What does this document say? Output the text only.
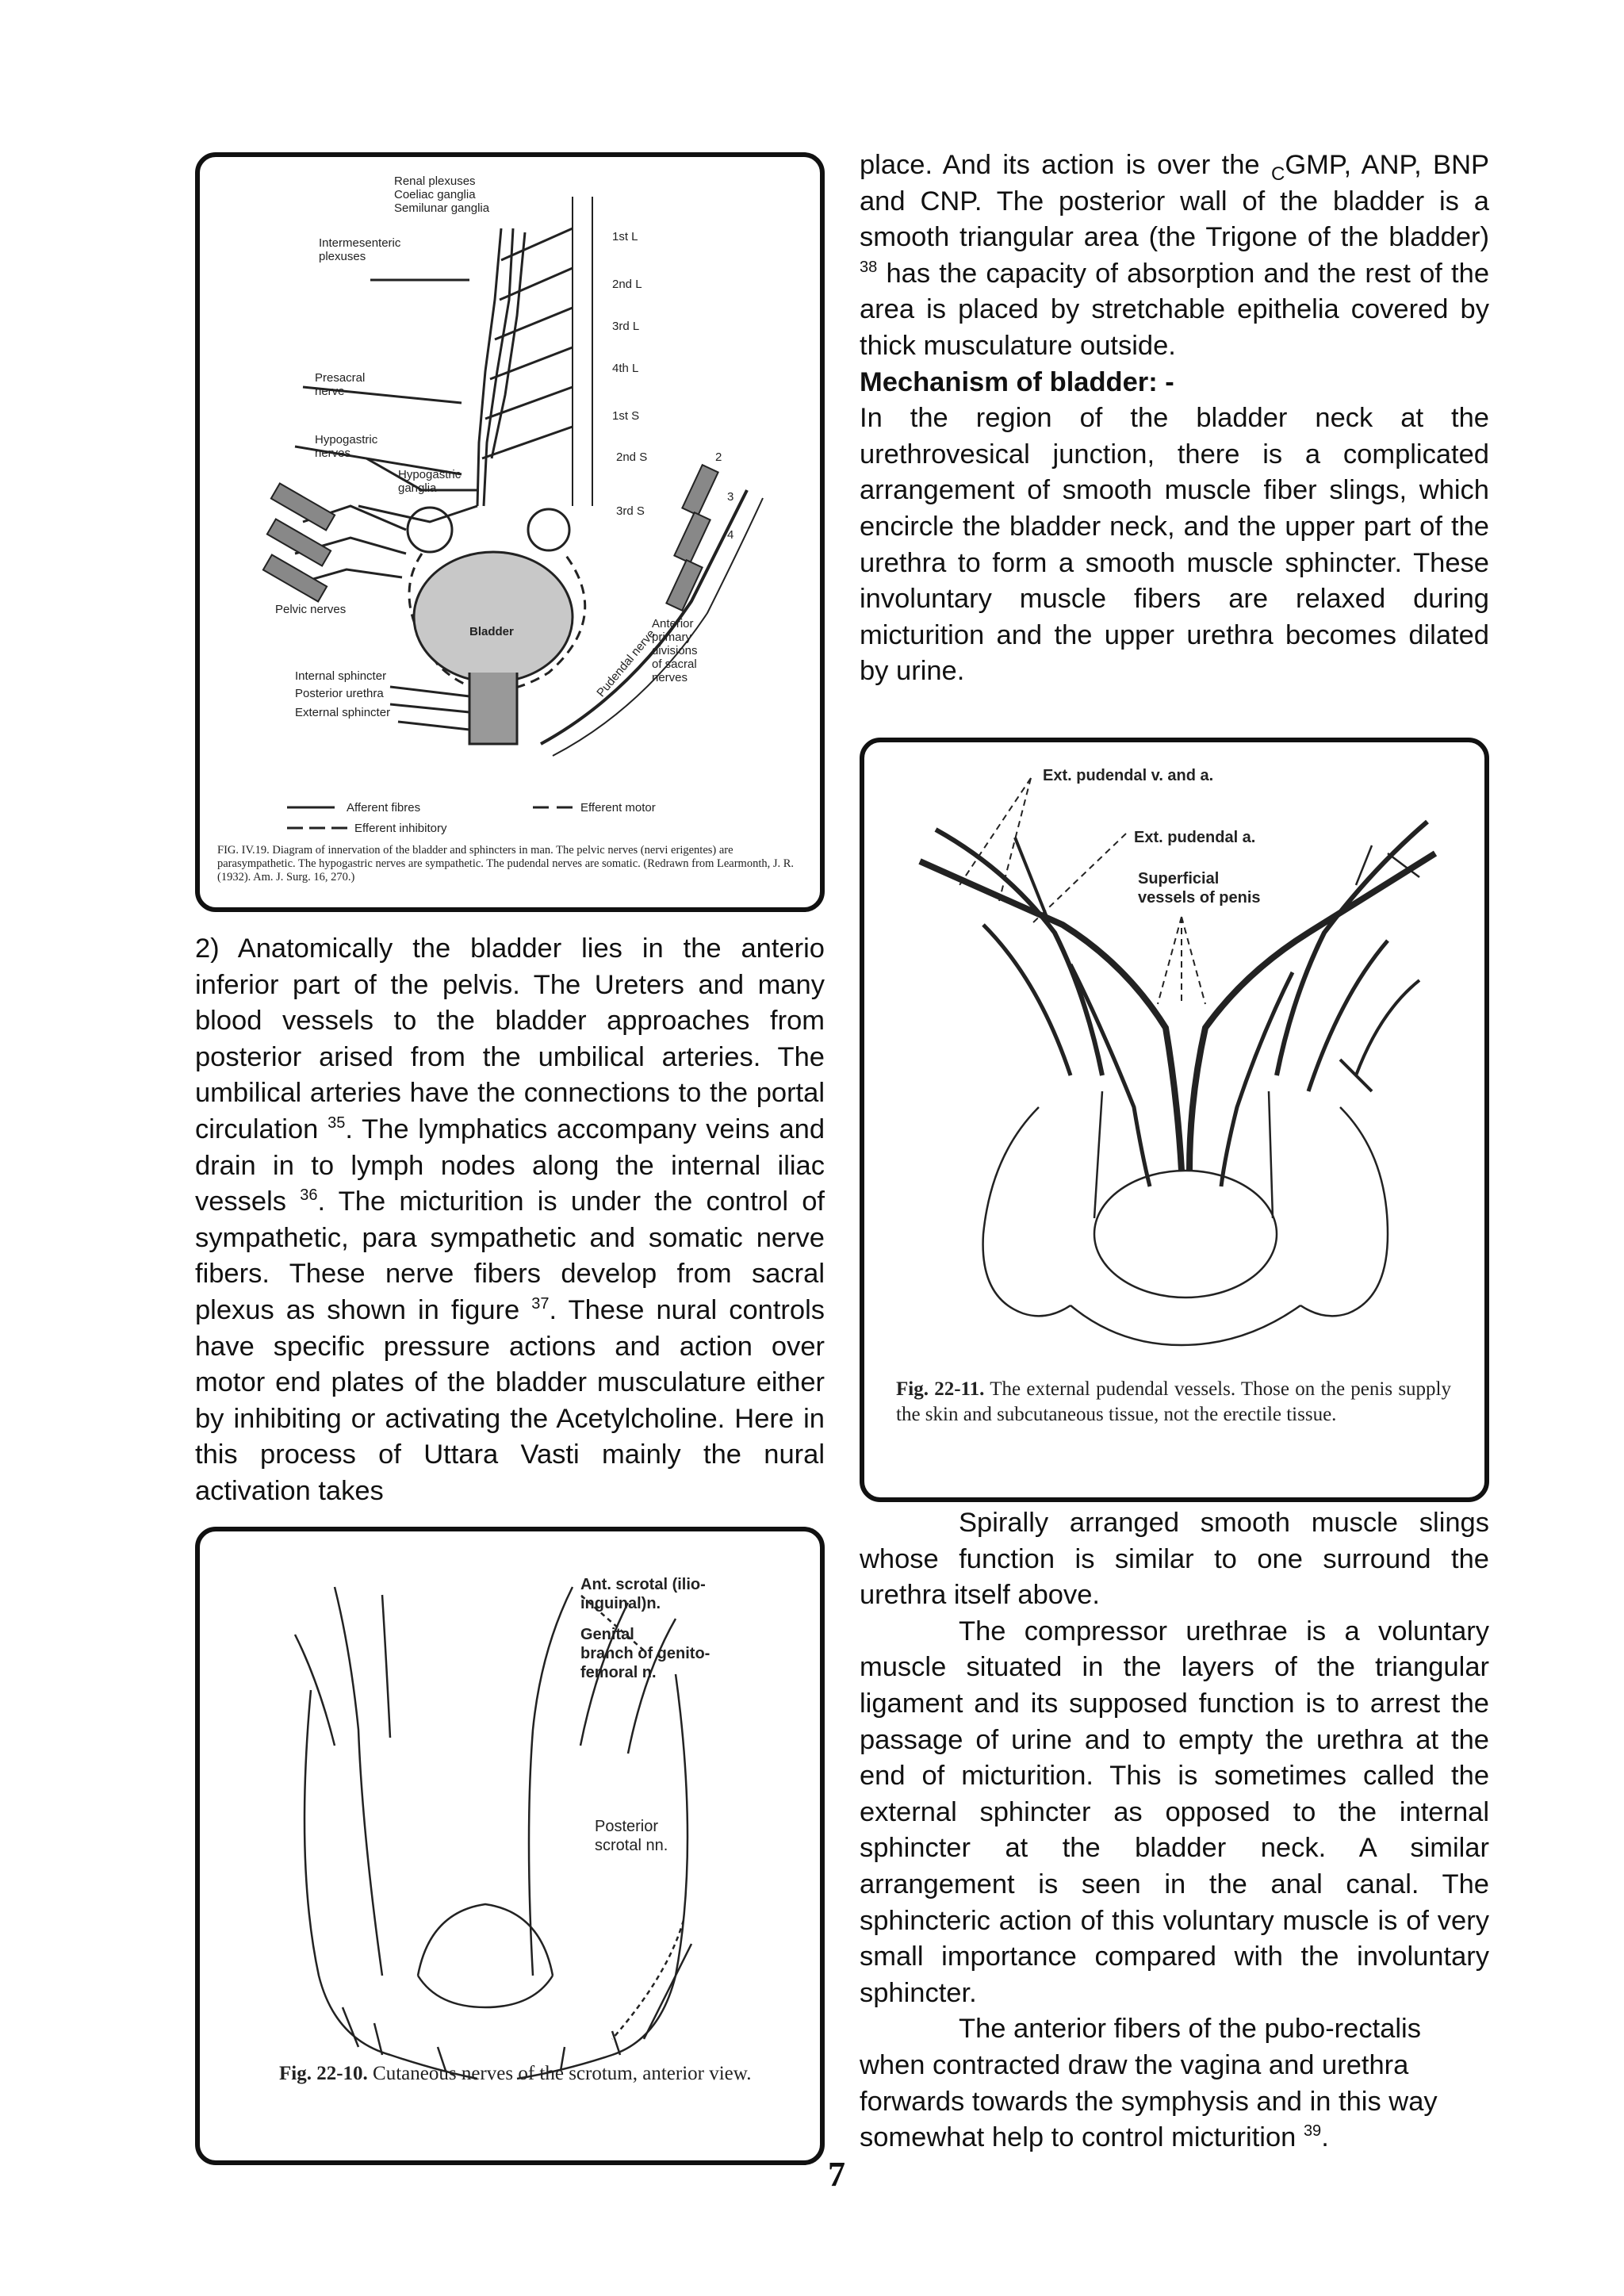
Renal plexuses
Coeliac ganglia
Semilunar ganglia
Intermesenteric
plexuses
Presacral
nerve
Hypogastric
nerves
Hypogastric
ganglia
Pelvic nerves
Bladder
Internal sphincter
Posterior urethra
External sphincter
Pudendal nerve
Anterior
primary
divisions
of sacral
nerves
1st L
2nd L
3rd L
4th L
1st S
2nd S
3rd S
2
3
4
Afferent fibres	Efferent motor
Efferent inhibitory
FIG. IV.19. Diagram of innervation of the bladder and sphincters in man. The pelvic nerves (nervi erigentes) are parasympathetic. The hypogastric nerves are sympathetic. The pudendal nerves are somatic. (Redrawn from Learmonth, J. R. (1932). Am. J. Surg. 16, 270.)
Ant. scrotal (ilio-
inguinal)n.
Genital
branch of genito-
femoral n.
Posterior
scrotal nn.
Fig. 22-10. Cutaneous nerves of the scrotum, anterior view.
Ext. pudendal v. and a.
Ext. pudendal a.
Superficial
vessels of penis
Fig. 22-11. The external pudendal vessels. Those on the penis supply the skin and subcutaneous tissue, not the erectile tissue.

2) Anatomically the bladder lies in the anterio inferior part of the pelvis. The Ureters and many blood vessels to the bladder approaches from posterior arised from the umbilical arteries. The umbilical arteries have the connections to the portal circulation $^{35}$. The lymphatics accompany veins and drain in to lymph nodes along the internal iliac vessels $^{36}$. The micturition is under the control of sympathetic, para sympathetic and somatic nerve fibers. These nerve fibers develop from sacral plexus as shown in figure $^{37}$. These nural controls have specific pressure actions and action over motor end plates of the bladder musculature either by inhibiting or activating the Acetylcholine. Here in this process of Uttara Vasti mainly the nural activation takes

place. And its action is over the $_C$GMP, ANP, BNP and CNP. The posterior wall of the bladder is a smooth triangular area (the Trigone of the bladder) $^{38}$ has the capacity of absorption and the rest of the area is placed by stretchable epithelia covered by thick musculature outside.

Mechanism of bladder: -

In the region of the bladder neck at the urethrovesical junction, there is a complicated arrangement of smooth muscle fiber slings, which encircle the bladder neck, and the upper part of the urethra to form a smooth muscle sphincter. These involuntary muscle fibers are relaxed during micturition and the upper urethra becomes dilated by urine.

Spirally arranged smooth muscle slings whose function is similar to one surround the urethra itself above.

The compressor urethrae is a voluntary muscle situated in the layers of the triangular ligament and its supposed function is to arrest the passage of urine and to empty the urethra at the end of micturition. This is sometimes called the external sphincter as opposed to the internal sphincter at the bladder neck. A similar arrangement is seen in the anal canal. The sphincteric action of this voluntary muscle is of very small importance compared with the involuntary sphincter.

The anterior fibers of the pubo-rectalis when contracted draw the vagina and urethra forwards towards the symphysis and in this way somewhat help to control micturition $^{39}$.

7
